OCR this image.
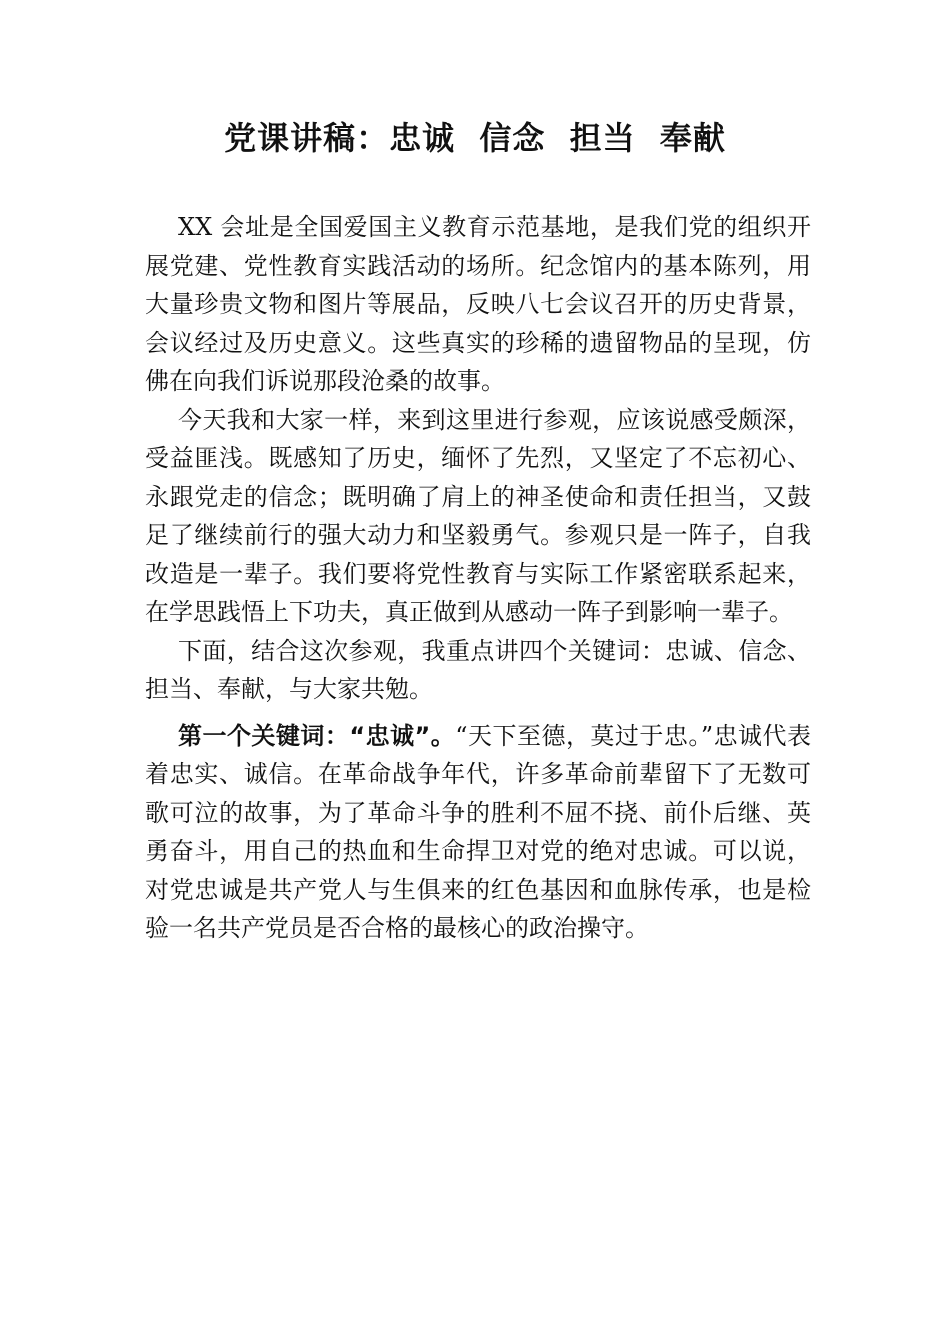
党课讲稿：忠诚  信念  担当  奉献

XX 会址是全国爱国主义教育示范基地，是我们党的组织开展党建、党性教育实践活动的场所。纪念馆内的基本陈列，用大量珍贵文物和图片等展品，反映八七会议召开的历史背景，会议经过及历史意义。这些真实的珍稀的遗留物品的呈现，仿佛在向我们诉说那段沧桑的故事。

今天我和大家一样，来到这里进行参观，应该说感受颇深，受益匪浅。既感知了历史，缅怀了先烈，又坚定了不忘初心、永跟党走的信念；既明确了肩上的神圣使命和责任担当，又鼓足了继续前行的强大动力和坚毅勇气。参观只是一阵子，自我改造是一辈子。我们要将党性教育与实际工作紧密联系起来，在学思践悟上下功夫，真正做到从感动一阵子到影响一辈子。

下面，结合这次参观，我重点讲四个关键词：忠诚、信念、担当、奉献，与大家共勉。

第一个关键词：“忠诚”。“天下至德，莫过于忠。”忠诚代表着忠实、诚信。在革命战争年代，许多革命前辈留下了无数可歌可泣的故事，为了革命斗争的胜利不屈不挠、前仆后继、英勇奋斗，用自己的热血和生命捍卫对党的绝对忠诚。可以说，对党忠诚是共产党人与生俱来的红色基因和血脉传承，也是检验一名共产党员是否合格的最核心的政治操守。
